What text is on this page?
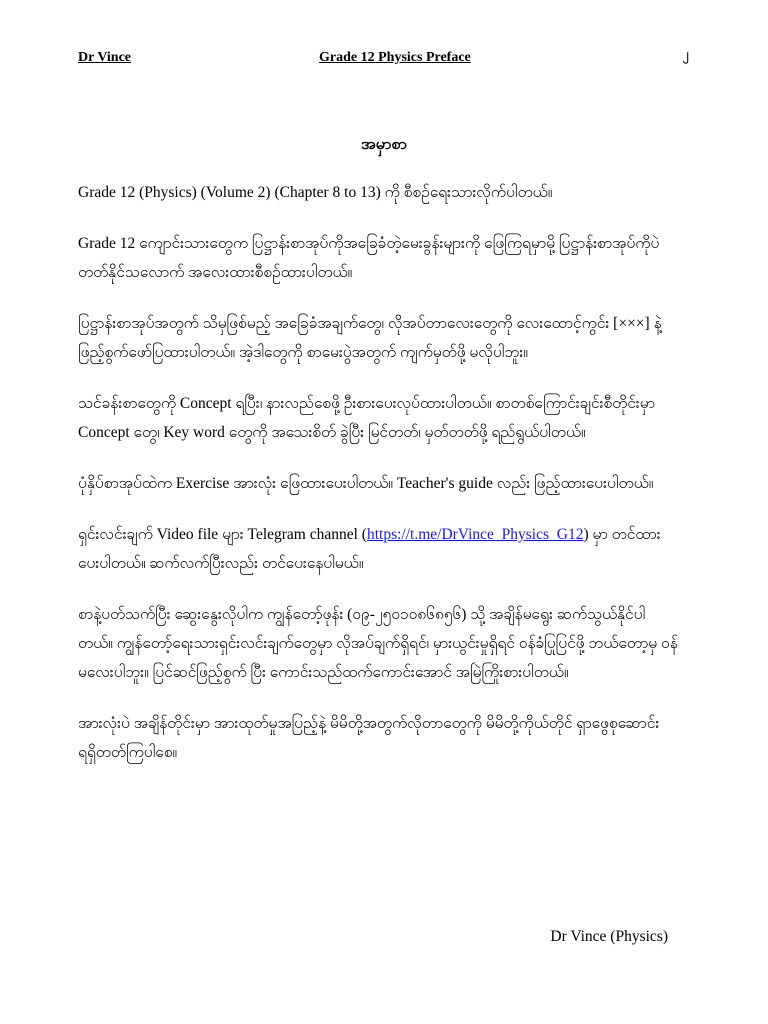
Dr Vince	Grade 12 Physics Preface	၂
အမှာစာ

Grade 12 (Physics) (Volume 2) (Chapter 8 to 13) ကို စီစဥ်ရေးသားလိုက်ပါတယ်။

Grade 12 ကျောင်းသားတွေက ပြဋ္ဌာန်းစာအုပ်ကိုအခြေခံတဲ့မေးခွန်းများကို ဖြေကြရမှာမို့ ပြဋ္ဌာန်းစာအုပ်ကိုပဲ တတ်နိုင်သလောက် အလေးထားစီစဥ်ထားပါတယ်။

ပြဋ္ဌာန်းစာအုပ်အတွက် သိမှဖြစ်မည့် အခြေခံအချက်တွေ၊ လိုအပ်တာလေးတွေကို လေးထောင့်ကွင်း [×××] နဲ့ ဖြည့်စွက်ဖော်ပြထားပါတယ်။ အဲ့ဒါတွေကို စာမေးပွဲအတွက် ကျက်မှတ်ဖို့ မလိုပါဘူး။

သင်ခန်းစာတွေကို Concept ရပြီး၊ နားလည်စေဖို့ ဦးစားပေးလုပ်ထားပါတယ်။ စာတစ်ကြောင်းချင်းစီတိုင်းမှာ Concept တွေ၊ Key word တွေကို အသေးစိတ် ခွဲပြီး မြင်တတ်၊ မှတ်တတ်ဖို့ ရည်ရွယ်ပါတယ်။

ပုံနှိပ်စာအုပ်ထဲက Exercise အားလုံး ဖြေထားပေးပါတယ်။ Teacher's guide လည်း ဖြည့်ထားပေးပါတယ်။

ရှင်းလင်းချက် Video file များ Telegram channel (https://t.me/DrVince_Physics_G12) မှာ တင်ထားပေးပါတယ်။ ဆက်လက်ပြီးလည်း တင်ပေးနေပါမယ်။

စာနဲ့ပတ်သက်ပြီး ဆွေးနွေးလိုပါက ကျွန်တော့်ဖုန်း (၀၉-၂၅၀၁၀၈၆၈၅၆) သို့ အချိန်မရွေး ဆက်သွယ်နိုင်ပါတယ်။ ကျွန်တော့်ရေးသားရှင်းလင်းချက်တွေမှာ လိုအပ်ချက်ရှိရင်၊ မှားယွင်းမှုရှိရင် ဝန်ခံပြုပြင်ဖို့ ဘယ်တော့မှ ဝန်မလေးပါဘူး။ ပြင်ဆင်ဖြည့်စွက် ပြီး ကောင်းသည်ထက်ကောင်းအောင် အမြဲကြိုးစားပါတယ်။

အားလုံးပဲ အချိန်တိုင်းမှာ အားထုတ်မှုအပြည့်နဲ့ မိမိတို့အတွက်လိုတာတွေကို မိမိတို့ကိုယ်တိုင် ရှာဖွေစုဆောင်း ရရှိတတ်ကြပါစေ။

Dr Vince (Physics)
